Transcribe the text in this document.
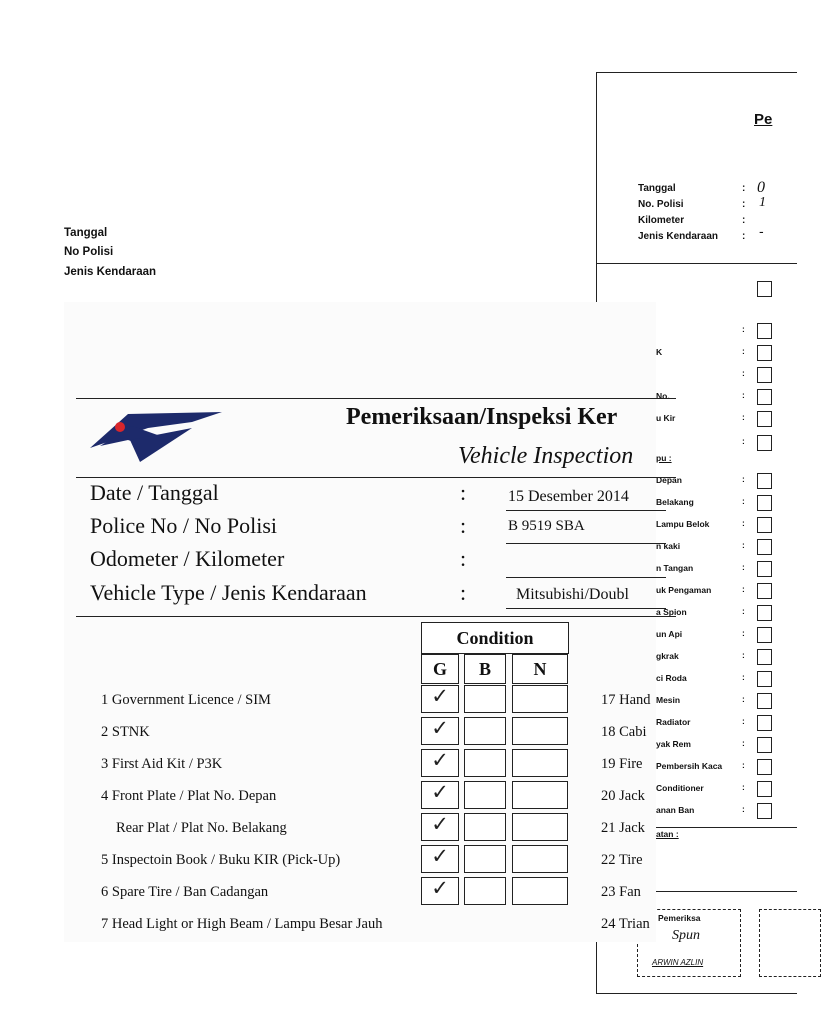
Tanggal
No Polisi
Jenis Kendaraan
Pe
Tanggal	: 0
No. Polisi	: 1
Kilometer	:
Jenis Kendaraan : -
:
K	:
:
No.	:
u Kir	:
:
pu :
Depan	:
Belakang	:
Lampu Belok	:
n kaki	:
n Tangan	:
uk Pengaman	:
a Spion	:
un Api	:
gkrak	:
ci Roda	:
Mesin	:
Radiator	:
yak Rem	:
Pembersih Kaca :
Conditioner	:
anan Ban	:
atan :
Pemeriksa
Spun
ARWIN AZLIN
Pemeriksaan/Inspeksi Ker
Vehicle Inspection
Date / Tanggal	:	15 Desember 2014
Police No / No Polisi	:	B 9519 SBA
Odometer / Kilometer	:
Vehicle Type / Jenis Kendaraan	:	Mitsubishi/Doubl
Condition
G	B	N
1 Government Licence / SIM	✓
2 STNK	✓
3 First Aid Kit / P3K	✓
4 Front Plate / Plat No. Depan	✓
Rear Plat / Plat No. Belakang	✓
5 Inspectoin Book / Buku KIR (Pick-Up)	✓
6 Spare Tire / Ban Cadangan	✓
7 Head Light or High Beam / Lampu Besar Jauh
17 Hand
18 Cabi
19 Fire
20 Jack
21 Jack
22 Tire
23 Fan
24 Trian
